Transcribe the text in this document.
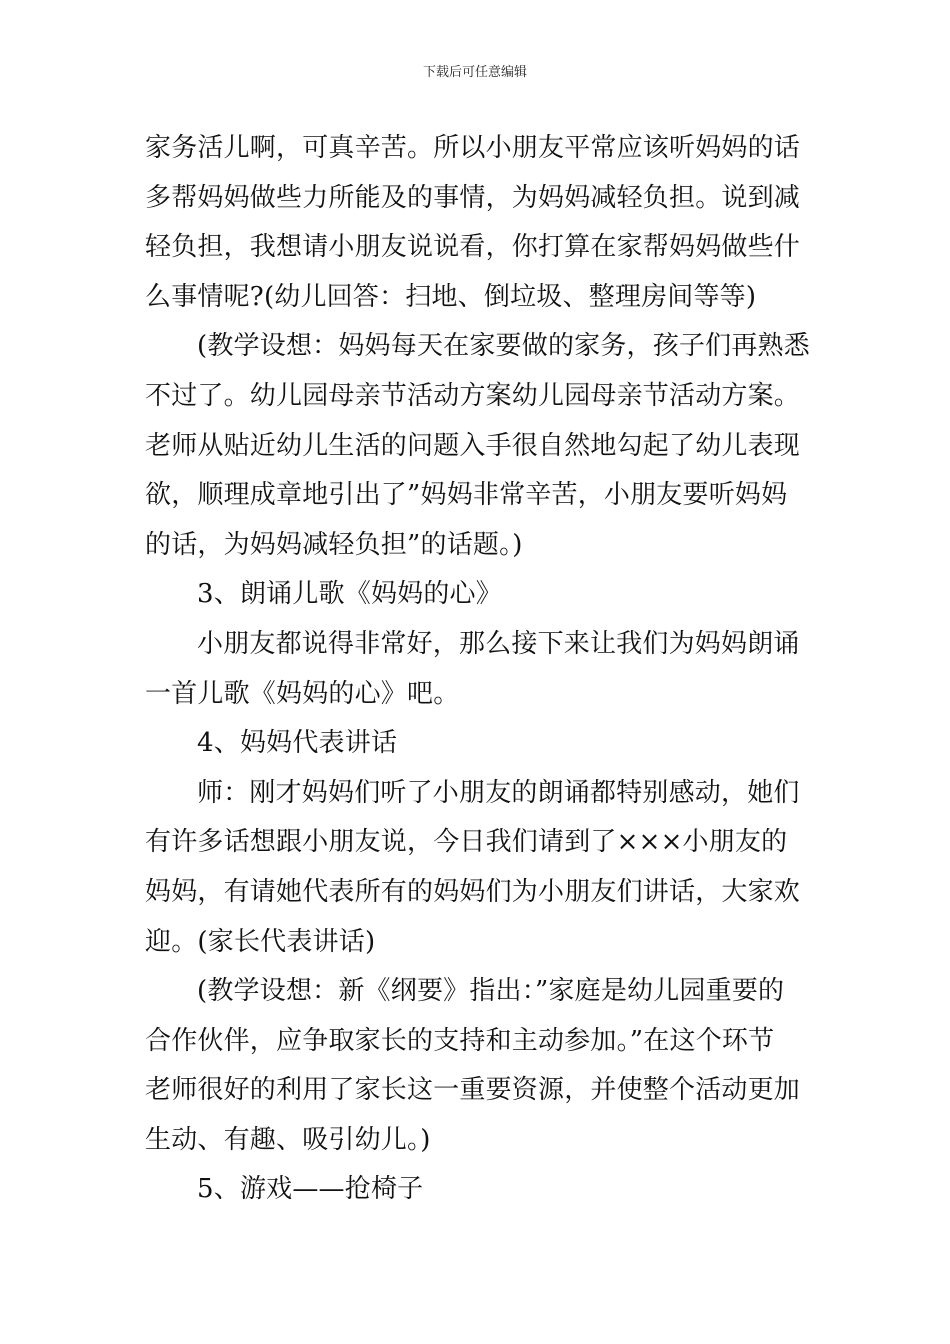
下载后可任意编辑
家务活儿啊，可真辛苦。所以小朋友平常应该听妈妈的话
多帮妈妈做些力所能及的事情，为妈妈减轻负担。说到减
轻负担，我想请小朋友说说看，你打算在家帮妈妈做些什
么事情呢?(幼儿回答：扫地、倒垃圾、整理房间等等)
(教学设想：妈妈每天在家要做的家务，孩子们再熟悉
不过了。幼儿园母亲节活动方案幼儿园母亲节活动方案。
老师从贴近幼儿生活的问题入手很自然地勾起了幼儿表现
欲，顺理成章地引出了”妈妈非常辛苦，小朋友要听妈妈
的话，为妈妈减轻负担”的话题。)
3、朗诵儿歌《妈妈的心》
小朋友都说得非常好，那么接下来让我们为妈妈朗诵
一首儿歌《妈妈的心》吧。
4、妈妈代表讲话
师：刚才妈妈们听了小朋友的朗诵都特别感动，她们
有许多话想跟小朋友说，今日我们请到了×××小朋友的
妈妈，有请她代表所有的妈妈们为小朋友们讲话，大家欢
迎。(家长代表讲话)
(教学设想：新《纲要》指出：”家庭是幼儿园重要的
合作伙伴，应争取家长的支持和主动参加。”在这个环节
老师很好的利用了家长这一重要资源，并使整个活动更加
生动、有趣、吸引幼儿。)
5、游戏——抢椅子
